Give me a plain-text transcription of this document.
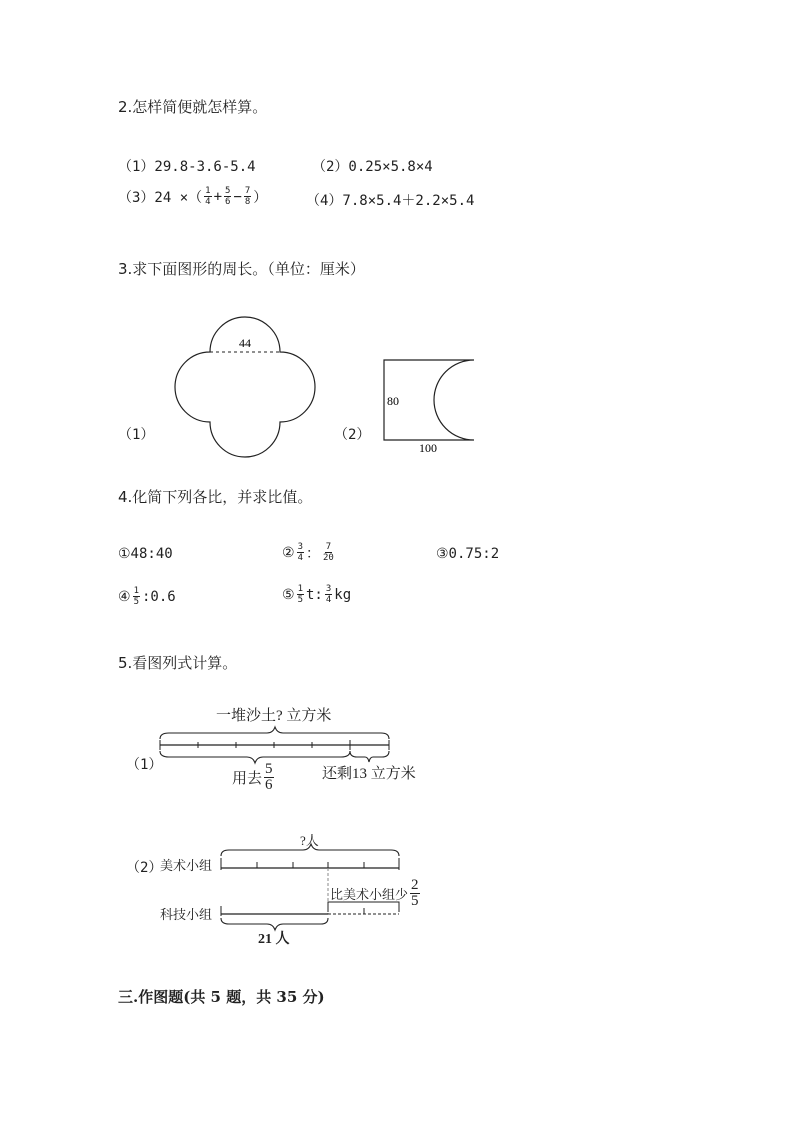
2.怎样简便就怎样算。
（1）29.8-3.6-5.4	（2）0.25×5.8×4
（3）24 ×（ $\frac{1}{4} + \frac{5}{6} - \frac{7}{8}$ ）	（4）7.8×5.4＋2.2×5.4
3.求下面图形的周长。（单位：厘米）
（1）
44
（2）
80
100
4.化简下列各比，并求比值。
①48:40	② $\frac{3}{4}$ ： $\frac{7}{20}$	③0.75:2
④ $\frac{1}{5}$ :0.6	⑤ $\frac{1}{5} t$: $\frac{3}{4}$ kg
5.看图列式计算。
（1）
一堆沙土? 立方米
用去
5
6
还剩13 立方米
（2）
美术小组
科技小组
?人
比美术小组少
2
5
21 人
三.作图题(共 5 题，共 35 分)
